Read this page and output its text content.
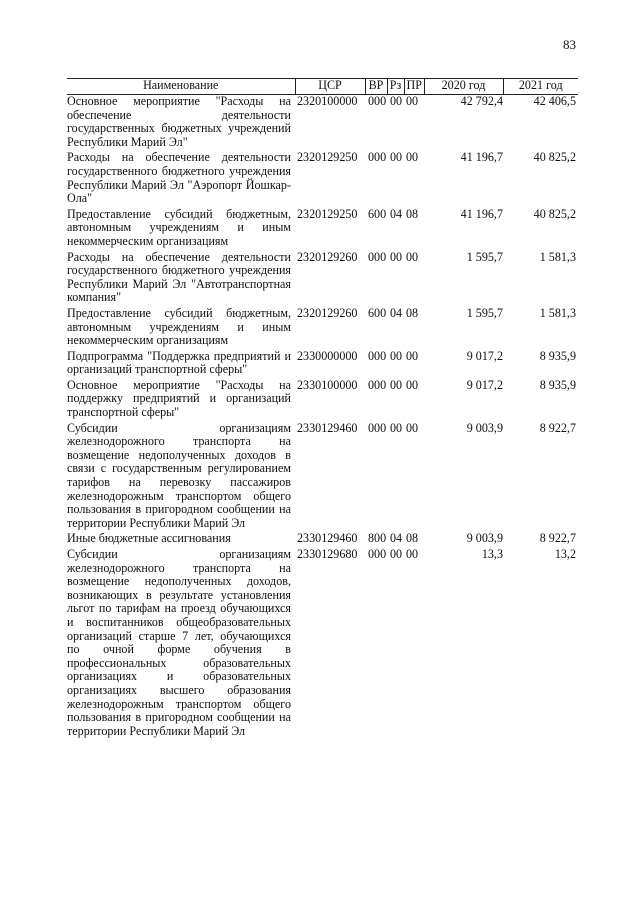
83
Наименование	ЦСР	ВР	Рз	ПР	2020 год	2021 год
Основное мероприятие "Расходы на обеспечение деятельности государственных бюджетных учреждений Республики Марий Эл"	2320100000	000	00	00	42 792,4	42 406,5
Расходы на обеспечение деятельности государственного бюджетного учреждения Республики Марий Эл "Аэропорт Йошкар-Ола"	2320129250	000	00	00	41 196,7	40 825,2
Предоставление субсидий бюджетным, автономным учреждениям и иным некоммерческим организациям	2320129250	600	04	08	41 196,7	40 825,2
Расходы на обеспечение деятельности государственного бюджетного учреждения Республики Марий Эл "Автотранспортная компания"	2320129260	000	00	00	1 595,7	1 581,3
Предоставление субсидий бюджетным, автономным учреждениям и иным некоммерческим организациям	2320129260	600	04	08	1 595,7	1 581,3
Подпрограмма "Поддержка предприятий и организаций транспортной сферы"	2330000000	000	00	00	9 017,2	8 935,9
Основное мероприятие "Расходы на поддержку предприятий и организаций транспортной сферы"	2330100000	000	00	00	9 017,2	8 935,9
Субсидии организациям железнодорожного транспорта на возмещение недополученных доходов в связи с государственным регулированием тарифов на перевозку пассажиров железнодорожным транспортом общего пользования в пригородном сообщении на территории Республики Марий Эл	2330129460	000	00	00	9 003,9	8 922,7
Иные бюджетные ассигнования	2330129460	800	04	08	9 003,9	8 922,7
Субсидии организациям железнодорожного транспорта на возмещение недополученных доходов, возникающих в результате установления льгот по тарифам на проезд обучающихся и воспитанников общеобразовательных организаций старше 7 лет, обучающихся по очной форме обучения в профессиональных образовательных организациях и образовательных организациях высшего образования железнодорожным транспортом общего пользования в пригородном сообщении на территории Республики Марий Эл	2330129680	000	00	00	13,3	13,2
